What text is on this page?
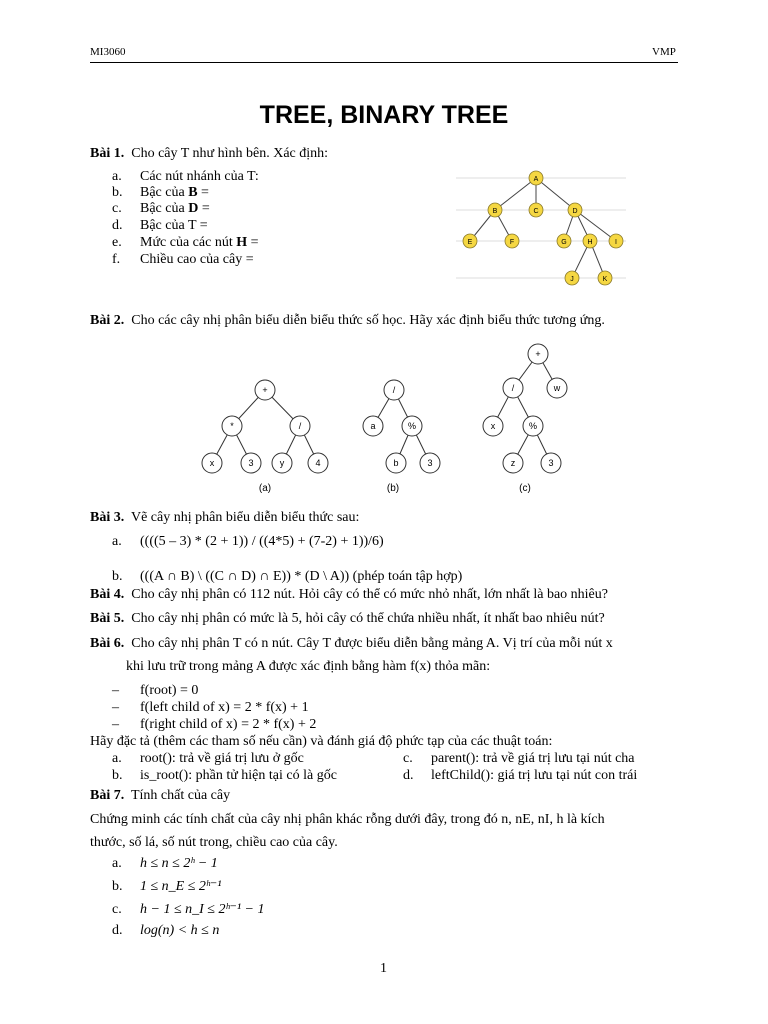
MI3060	VMP
TREE, BINARY TREE
Bài 1. Cho cây T như hình bên. Xác định:
a. Các nút nhánh của T:
b. Bậc của B =
c. Bậc của D =
d. Bậc của T =
e. Mức của các nút H =
f. Chiều cao của cây =
A
B	C	D
E	F	G	H	I
J	K
Bài 2. Cho các cây nhị phân biểu diễn biểu thức số học. Hãy xác định biểu thức tương ứng.
+
*	/
x	3	y	4
/
a	%
b	3
+
/	w
x	%
z	3
(a)	(b)	(c)
Bài 3. Vẽ cây nhị phân biểu diễn biểu thức sau:
a. ((((5 – 3) * (2 + 1)) / ((4*5) + (7-2) + 1))/6)
b. (((A ∩ B) \ ((C ∩ D) ∩ E)) * (D \ A)) (phép toán tập hợp)
Bài 4. Cho cây nhị phân có 112 nút. Hỏi cây có thể có mức nhỏ nhất, lớn nhất là bao nhiêu?
Bài 5. Cho cây nhị phân có mức là 5, hỏi cây có thể chứa nhiều nhất, ít nhất bao nhiêu nút?
Bài 6. Cho cây nhị phân T có n nút. Cây T được biểu diễn bằng mảng A. Vị trí của mỗi nút x
khi lưu trữ trong mảng A được xác định bằng hàm f(x) thỏa mãn:
– f(root) = 0
– f(left child of x) = 2 * f(x) + 1
– f(right child of x) = 2 * f(x) + 2
Hãy đặc tả (thêm các tham số nếu cần) và đánh giá độ phức tạp của các thuật toán:
a. root(): trả về giá trị lưu ở gốc	c. parent(): trả về giá trị lưu tại nút cha
b. is_root(): phần tử hiện tại có là gốc	d. leftChild(): giá trị lưu tại nút con trái
Bài 7. Tính chất của cây
Chứng minh các tính chất của cây nhị phân khác rỗng dưới đây, trong đó n, nE, nI, h là kích
thước, số lá, số nút trong, chiều cao của cây.
a. h ≤ n ≤ 2ʰ − 1
b. 1 ≤ n_E ≤ 2ʰ⁻¹
c. h − 1 ≤ n_I ≤ 2ʰ⁻¹ − 1
d. log(n) < h ≤ n
1
